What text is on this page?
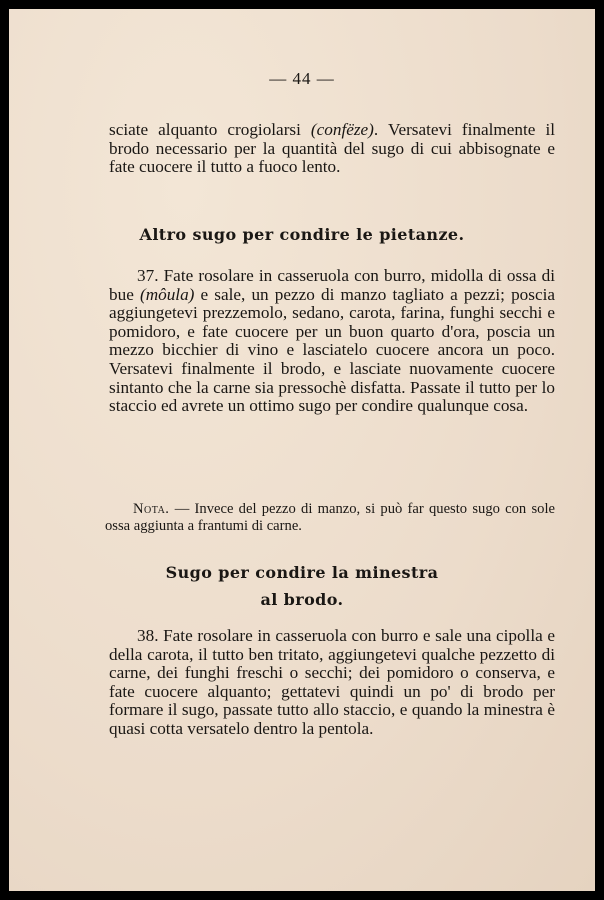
— 44 —

sciate alquanto crogiolarsi (confëze). Versatevi finalmente il brodo necessario per la quantità del sugo di cui abbisognate e fate cuocere il tutto a fuoco lento.

Altro sugo per condire le pietanze.

37. Fate rosolare in casseruola con burro, midolla di ossa di bue (môula) e sale, un pezzo di manzo tagliato a pezzi; poscia aggiungetevi prezzemolo, sedano, carota, farina, funghi secchi e pomidoro, e fate cuocere per un buon quarto d'ora, poscia un mezzo bicchier di vino e lasciatelo cuocere ancora un poco. Versatevi finalmente il brodo, e lasciate nuovamente cuocere sintanto che la carne sia pressochè disfatta. Passate il tutto per lo staccio ed avrete un ottimo sugo per condire qualunque cosa.

Nota. — Invece del pezzo di manzo, si può far questo sugo con sole ossa aggiunta a frantumi di carne.
Sugo per condire la minestra
al brodo.

38. Fate rosolare in casseruola con burro e sale una cipolla e della carota, il tutto ben tritato, aggiungetevi qualche pezzetto di carne, dei funghi freschi o secchi; dei pomidoro o conserva, e fate cuocere alquanto; gettatevi quindi un po' di brodo per formare il sugo, passate tutto allo staccio, e quando la minestra è quasi cotta versatelo dentro la pentola.
